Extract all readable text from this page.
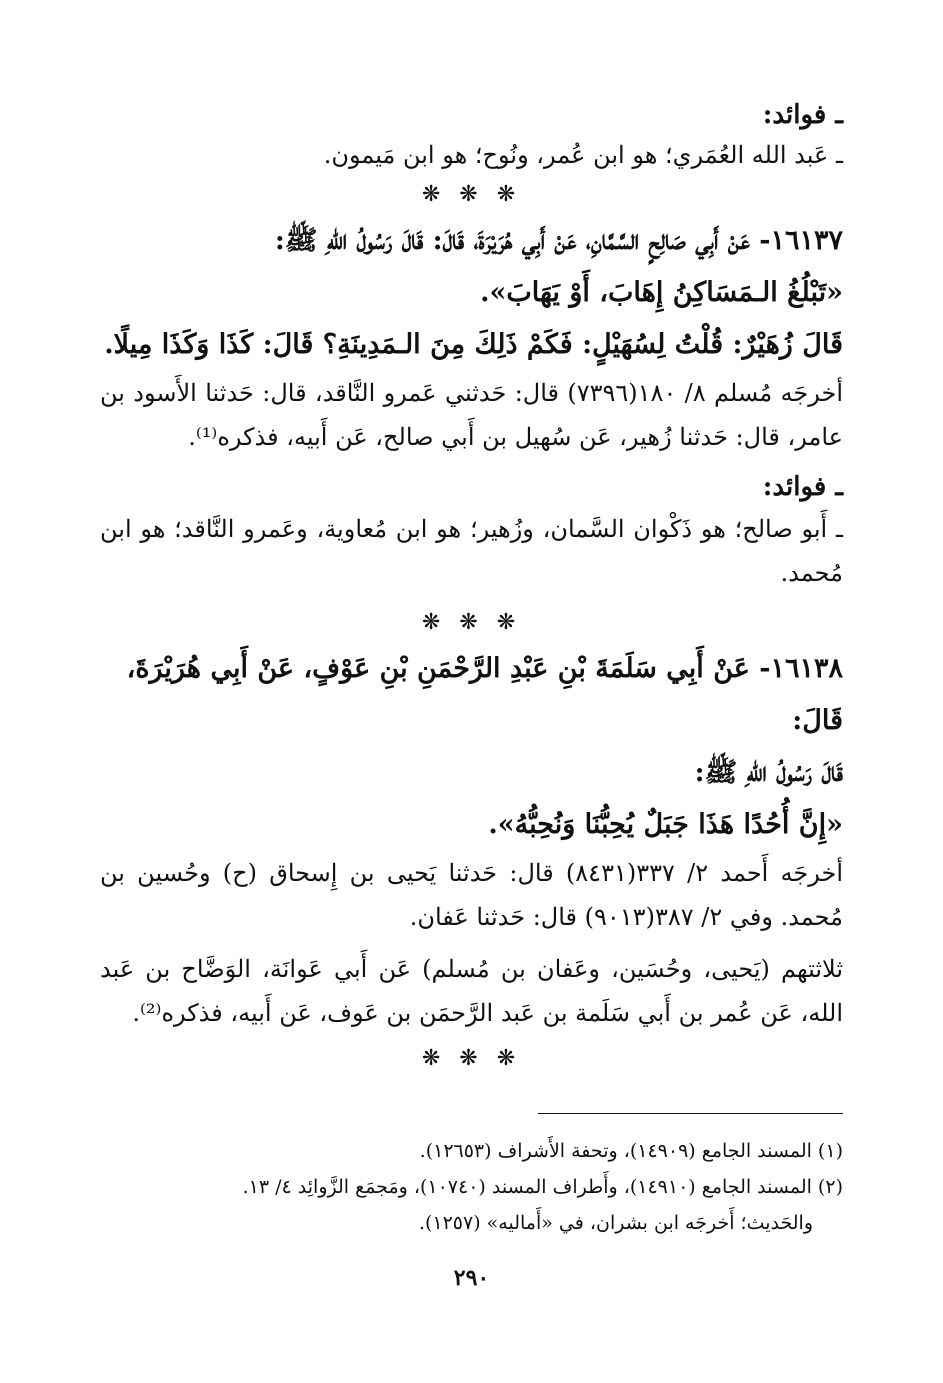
ـ فوائد:
ـ عَبد الله العُمَري؛ هو ابن عُمر، ونُوح؛ هو ابن مَيمون.
❋ ❋ ❋
١٦١٣٧- عَنْ أَبِي صَالِحٍ السَّمَّانِ، عَنْ أَبِي هُرَيْرَةَ، قَالَ: قَالَ رَسُولُ اللهِ ﷺ:
«تَبْلُغُ الـمَسَاكِنُ إِهَابَ، أَوْ يَهَابَ».
قَالَ زُهَيْرٌ: قُلْتُ لِسُهَيْلٍ: فَكَمْ ذَلِكَ مِنَ الـمَدِينَةِ؟ قَالَ: كَذَا وَكَذَا مِيلًا.
أخرجَه مُسلم ٨/ ١٨٠(٧٣٩٦) قال: حَدثني عَمرو النَّاقد، قال: حَدثنا الأَسود بن عامر، قال: حَدثنا زُهير، عَن سُهيل بن أَبي صالح، عَن أَبيه، فذكره⁽¹⁾.
ـ فوائد:
ـ أَبو صالح؛ هو ذَكْوان السَّمان، وزُهير؛ هو ابن مُعاوية، وعَمرو النَّاقد؛ هو ابن مُحمد.
❋ ❋ ❋
١٦١٣٨- عَنْ أَبِي سَلَمَةَ بْنِ عَبْدِ الرَّحْمَنِ بْنِ عَوْفٍ، عَنْ أَبِي هُرَيْرَةَ، قَالَ:
قَالَ رَسُولُ اللهِ ﷺ:
«إِنَّ أُحُدًا هَذَا جَبَلٌ يُحِبُّنَا وَنُحِبُّهُ».
أخرجَه أَحمد ٢/ ٣٣٧(٨٤٣١) قال: حَدثنا يَحيى بن إِسحاق (ح) وحُسين بن مُحمد. وفي ٢/ ٣٨٧(٩٠١٣) قال: حَدثنا عَفان.
ثلاثتهم (يَحيى، وحُسَين، وعَفان بن مُسلم) عَن أَبي عَوانَة، الوَضَّاح بن عَبد الله، عَن عُمر بن أَبي سَلَمة بن عَبد الرَّحمَن بن عَوف، عَن أَبيه، فذكره⁽²⁾.
❋ ❋ ❋
(١) المسند الجامع (١٤٩٠٩)، وتحفة الأَشراف (١٢٦٥٣).
(٢) المسند الجامع (١٤٩١٠)، وأَطراف المسند (١٠٧٤٠)، ومَجمَع الزَّوائِد ٤/ ١٣.
والحَديث؛ أَخرجَه ابن بشران، في «أَماليه» (١٢٥٧).
٢٩٠
